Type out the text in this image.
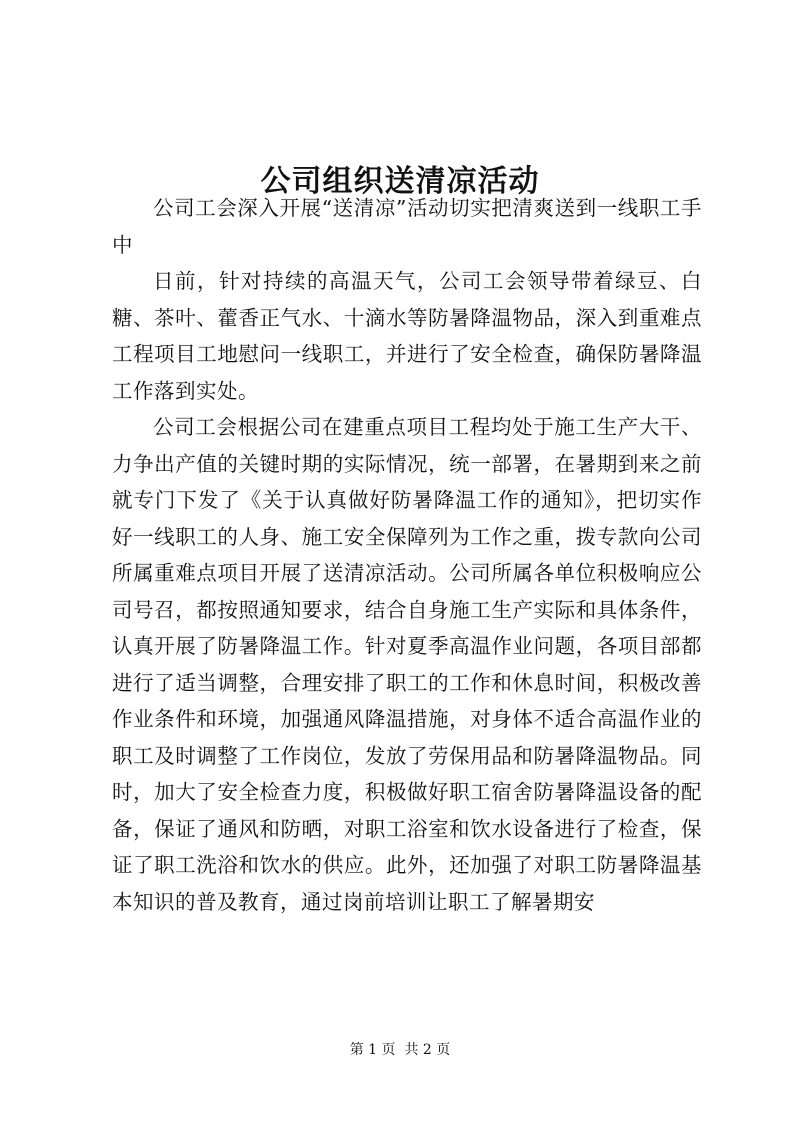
公司组织送清凉活动

公司工会深入开展“送清凉”活动切实把清爽送到一线职工手中

日前，针对持续的高温天气，公司工会领导带着绿豆、白糖、茶叶、藿香正气水、十滴水等防暑降温物品，深入到重难点工程项目工地慰问一线职工，并进行了安全检查，确保防暑降温工作落到实处。

公司工会根据公司在建重点项目工程均处于施工生产大干、力争出产值的关键时期的实际情况，统一部署，在暑期到来之前就专门下发了《关于认真做好防暑降温工作的通知》，把切实作好一线职工的人身、施工安全保障列为工作之重，拨专款向公司所属重难点项目开展了送清凉活动。公司所属各单位积极响应公司号召，都按照通知要求，结合自身施工生产实际和具体条件，认真开展了防暑降温工作。针对夏季高温作业问题，各项目部都进行了适当调整，合理安排了职工的工作和休息时间，积极改善作业条件和环境，加强通风降温措施，对身体不适合高温作业的职工及时调整了工作岗位，发放了劳保用品和防暑降温物品。同时，加大了安全检查力度，积极做好职工宿舍防暑降温设备的配备，保证了通风和防晒，对职工浴室和饮水设备进行了检查，保证了职工洗浴和饮水的供应。此外，还加强了对职工防暑降温基本知识的普及教育，通过岗前培训让职工了解暑期安

第 1 页 共 2 页
